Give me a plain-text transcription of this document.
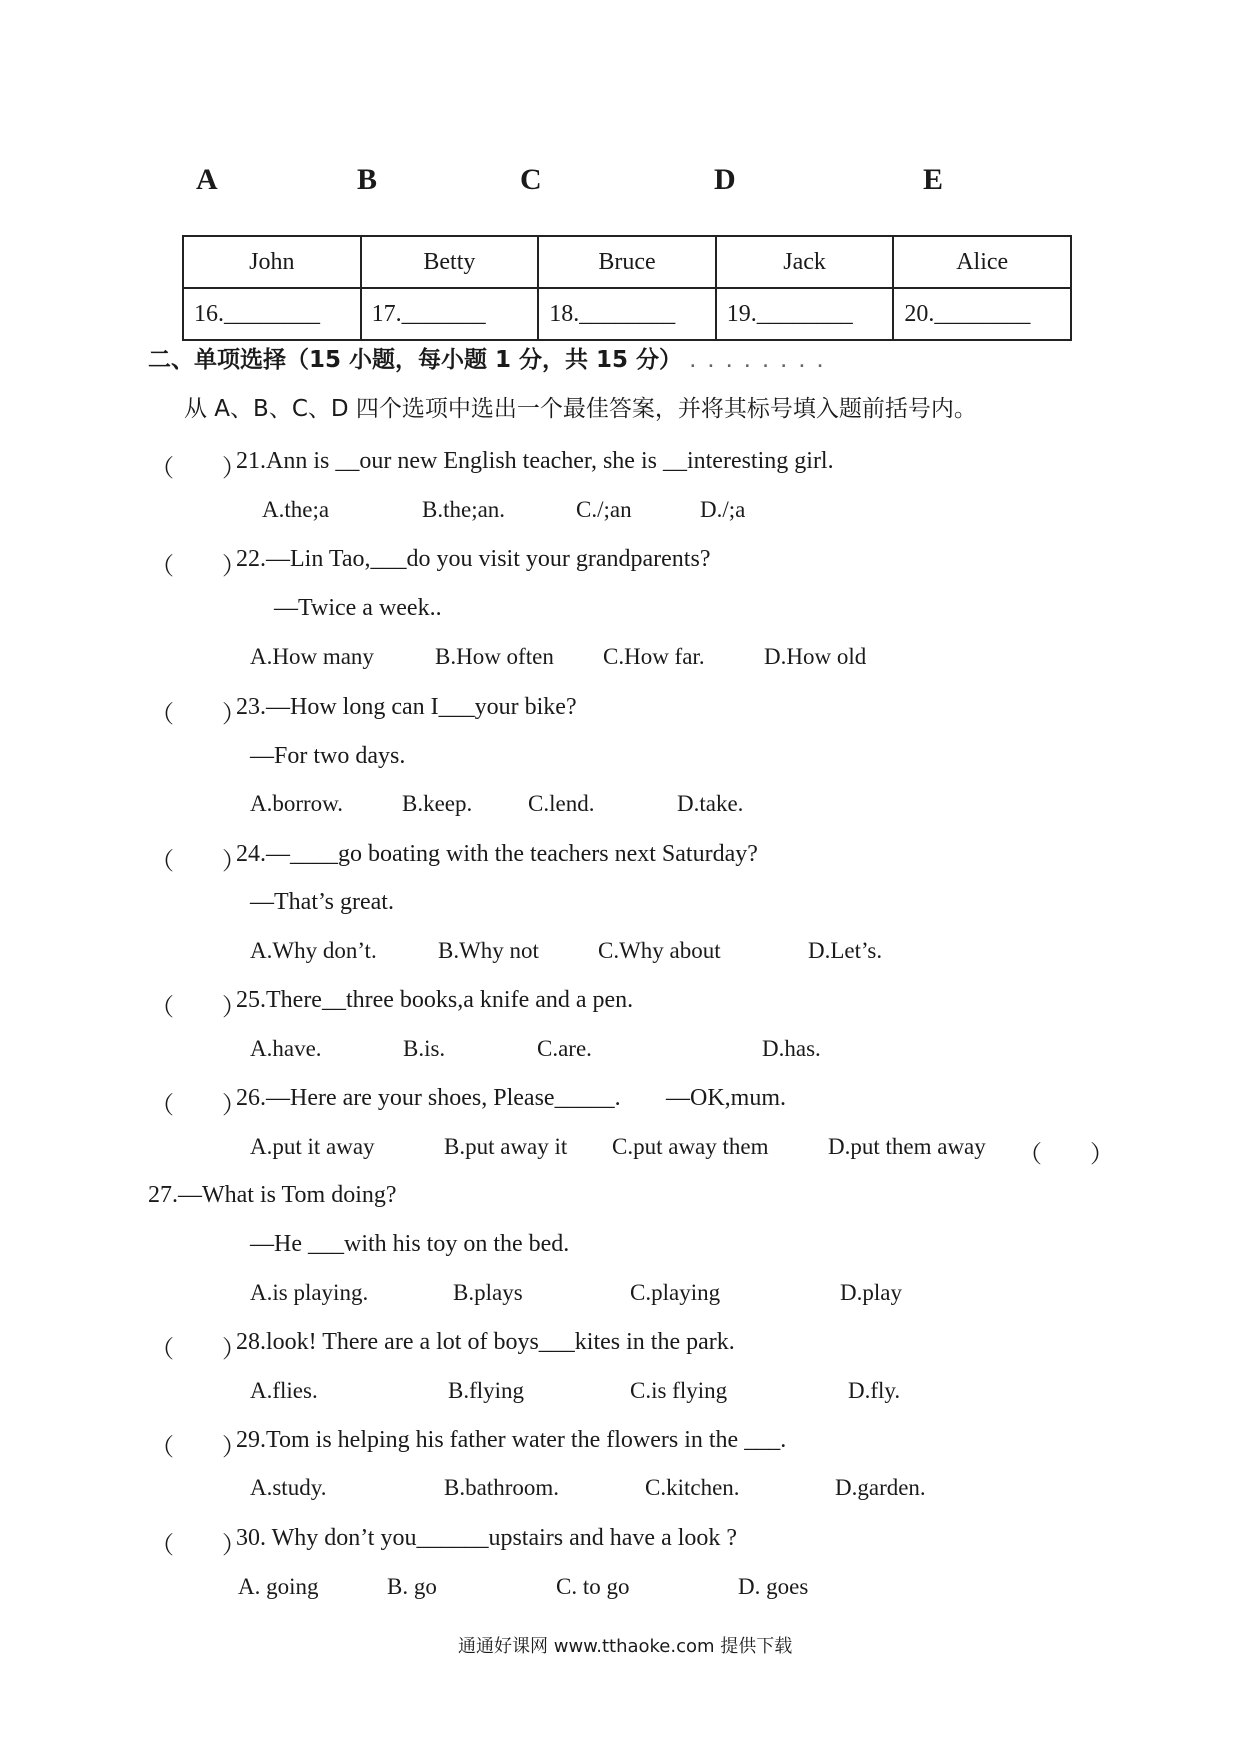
A	B	C	D	E
John	Betty	Bruce	Jack	Alice
16.________	17._______	18.________	19.________	20.________
二、单项选择（15 小题，每小题 1 分，共 15 分） . . . . . . . .
从 A、B、C、D 四个选项中选出一个最佳答案，并将其标号填入题前括号内。
（　　）
21.Ann is __our new English teacher, she is __interesting girl.
A.the;a	B.the;an.	C./;an	D./;a
（　　）
22.—Lin Tao,___do you visit your grandparents?
—Twice a week..
A.How many	B.How often C.How far.	D.How old
（　　）
23.—How long can I___your bike?
—For two days.
A.borrow.	B.keep. C.lend.	D.take.
（　　）
24.—____go boating with the teachers next Saturday?
—That’s great.
A.Why don’t.	B.Why not	C.Why about	D.Let’s.
（　　）
25.There__three books,a knife and a pen.
A.have.	B.is.	C.are.	D.has.
（　　）
26.—Here are your shoes, Please_____. —OK,mum.
A.put it away	B.put away it C.put away them	D.put them away （　　）
27.—What is Tom doing?
—He ___with his toy on the bed.
A.is playing.	B.plays	C.playing	D.play
（　　）
28.look! There are a lot of boys___kites in the park.
A.flies.	B.flying	C.is flying	D.fly.
（　　）
29.Tom is helping his father water the flowers in the ___.
A.study.	B.bathroom.	C.kitchen.	D.garden.
（　　）
30. Why don’t you______upstairs and have a look ?
A. going	B. go	C. to go	D. goes
通通好课网 www.tthaoke.com 提供下载
